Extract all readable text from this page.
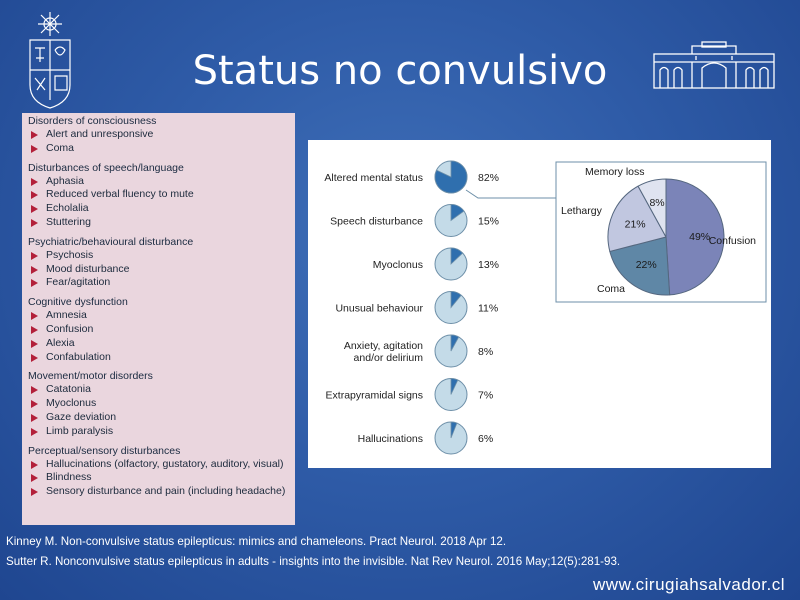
Status no convulsivo
Disorders of consciousness
Alert and unresponsive
Coma
Disturbances of speech/language
Aphasia
Reduced verbal fluency to mute
Echolalia
Stuttering
Psychiatric/behavioural disturbance
Psychosis
Mood disturbance
Fear/agitation
Cognitive dysfunction
Amnesia
Confusion
Alexia
Confabulation
Movement/motor disorders
Catatonia
Myoclonus
Gaze deviation
Limb paralysis
Perceptual/sensory disturbances
Hallucinations (olfactory, gustatory, auditory, visual)
Blindness
Sensory disturbance and pain (including headache)
Altered mental status	82%
Speech disturbance	15%
Myoclonus	13%
Unusual behaviour	11%
Anxiety, agitation and/or delirium	8%
Extrapyramidal signs	7%
Hallucinations	6%
49%
22%
21%
8%
Confusion
Coma
Lethargy
Memory loss
Kinney M. Non-convulsive status epilepticus: mimics and chameleons. Pract Neurol. 2018 Apr 12.
Sutter R. Nonconvulsive status epilepticus in adults - insights into the invisible. Nat Rev Neurol. 2016 May;12(5):281-93.
www.cirugiahsalvador.cl
